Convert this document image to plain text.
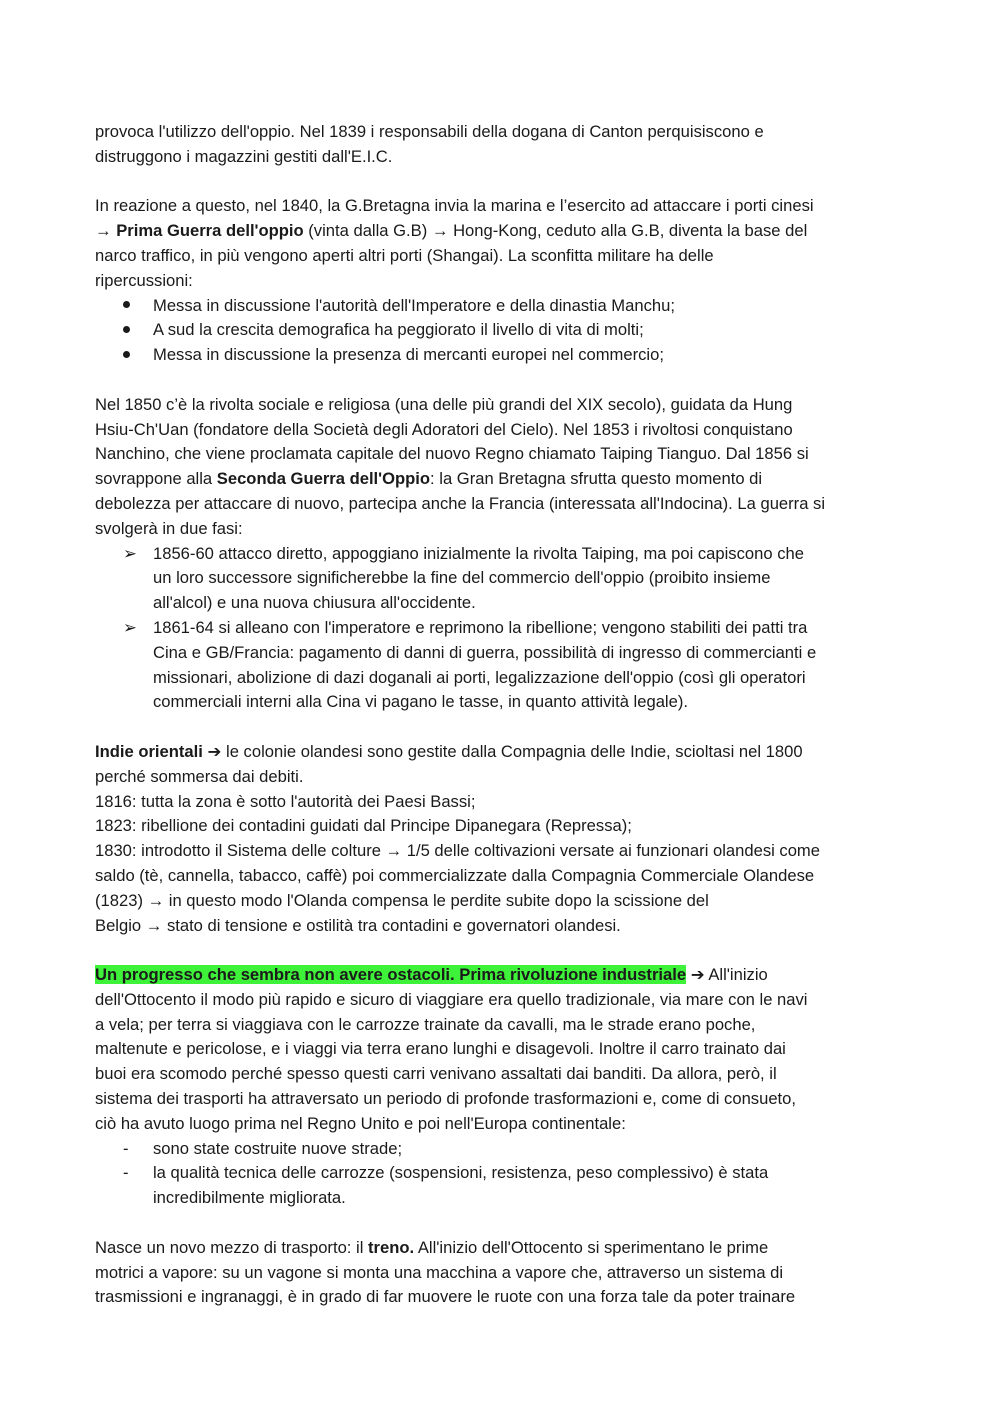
provoca l'utilizzo dell'oppio. Nel 1839 i responsabili della dogana di Canton perquisiscono e

distruggono i magazzini gestiti dall'E.I.C.

In reazione a questo, nel 1840, la G.Bretagna invia la marina e l’esercito ad attaccare i porti cinesi

→ Prima Guerra dell'oppio (vinta dalla G.B) → Hong-Kong, ceduto alla G.B, diventa la base del

narco traffico, in più vengono aperti altri porti (Shangai). La sconfitta militare ha delle

ripercussioni:

Messa in discussione l'autorità dell'Imperatore e della dinastia Manchu;
A sud la crescita demografica ha peggiorato il livello di vita di molti;
Messa in discussione la presenza di mercanti europei nel commercio;

Nel 1850 c’è la rivolta sociale e religiosa (una delle più grandi del XIX secolo), guidata da Hung

Hsiu-Ch'Uan (fondatore della Società degli Adoratori del Cielo). Nel 1853 i rivoltosi conquistano

Nanchino, che viene proclamata capitale del nuovo Regno chiamato Taiping Tianguo. Dal 1856 si

sovrappone alla Seconda Guerra dell'Oppio: la Gran Bretagna sfrutta questo momento di

debolezza per attaccare di nuovo, partecipa anche la Francia (interessata all'Indocina). La guerra si

svolgerà in due fasi:

➢ 1856-60 attacco diretto, appoggiano inizialmente la rivolta Taiping, ma poi capiscono che
un loro successore significherebbe la fine del commercio dell'oppio (proibito insieme
all'alcol) e una nuova chiusura all'occidente.
➢ 1861-64 si alleano con l'imperatore e reprimono la ribellione; vengono stabiliti dei patti tra
Cina e GB/Francia: pagamento di danni di guerra, possibilità di ingresso di commercianti e
missionari, abolizione di dazi doganali ai porti, legalizzazione dell'oppio (così gli operatori
commerciali interni alla Cina vi pagano le tasse, in quanto attività legale).

Indie orientali ➔ le colonie olandesi sono gestite dalla Compagnia delle Indie, scioltasi nel 1800

perché sommersa dai debiti.

1816: tutta la zona è sotto l'autorità dei Paesi Bassi;

1823: ribellione dei contadini guidati dal Principe Dipanegara (Repressa);

1830: introdotto il Sistema delle colture → 1/5 delle coltivazioni versate ai funzionari olandesi come

saldo (tè, cannella, tabacco, caffè) poi commercializzate dalla Compagnia Commerciale Olandese

(1823) → in questo modo l'Olanda compensa le perdite subite dopo la scissione del

Belgio → stato di tensione e ostilità tra contadini e governatori olandesi.

Un progresso che sembra non avere ostacoli. Prima rivoluzione industriale ➔ All'inizio

dell'Ottocento il modo più rapido e sicuro di viaggiare era quello tradizionale, via mare con le navi

a vela; per terra si viaggiava con le carrozze trainate da cavalli, ma le strade erano poche,

maltenute e pericolose, e i viaggi via terra erano lunghi e disagevoli. Inoltre il carro trainato dai

buoi era scomodo perché spesso questi carri venivano assaltati dai banditi. Da allora, però, il

sistema dei trasporti ha attraversato un periodo di profonde trasformazioni e, come di consueto,

ciò ha avuto luogo prima nel Regno Unito e poi nell'Europa continentale:

-	sono state costruite nuove strade;
-	la qualità tecnica delle carrozze (sospensioni, resistenza, peso complessivo) è stata
incredibilmente migliorata.

Nasce un novo mezzo di trasporto: il treno. All'inizio dell'Ottocento si sperimentano le prime

motrici a vapore: su un vagone si monta una macchina a vapore che, attraverso un sistema di

trasmissioni e ingranaggi, è in grado di far muovere le ruote con una forza tale da poter trainare
